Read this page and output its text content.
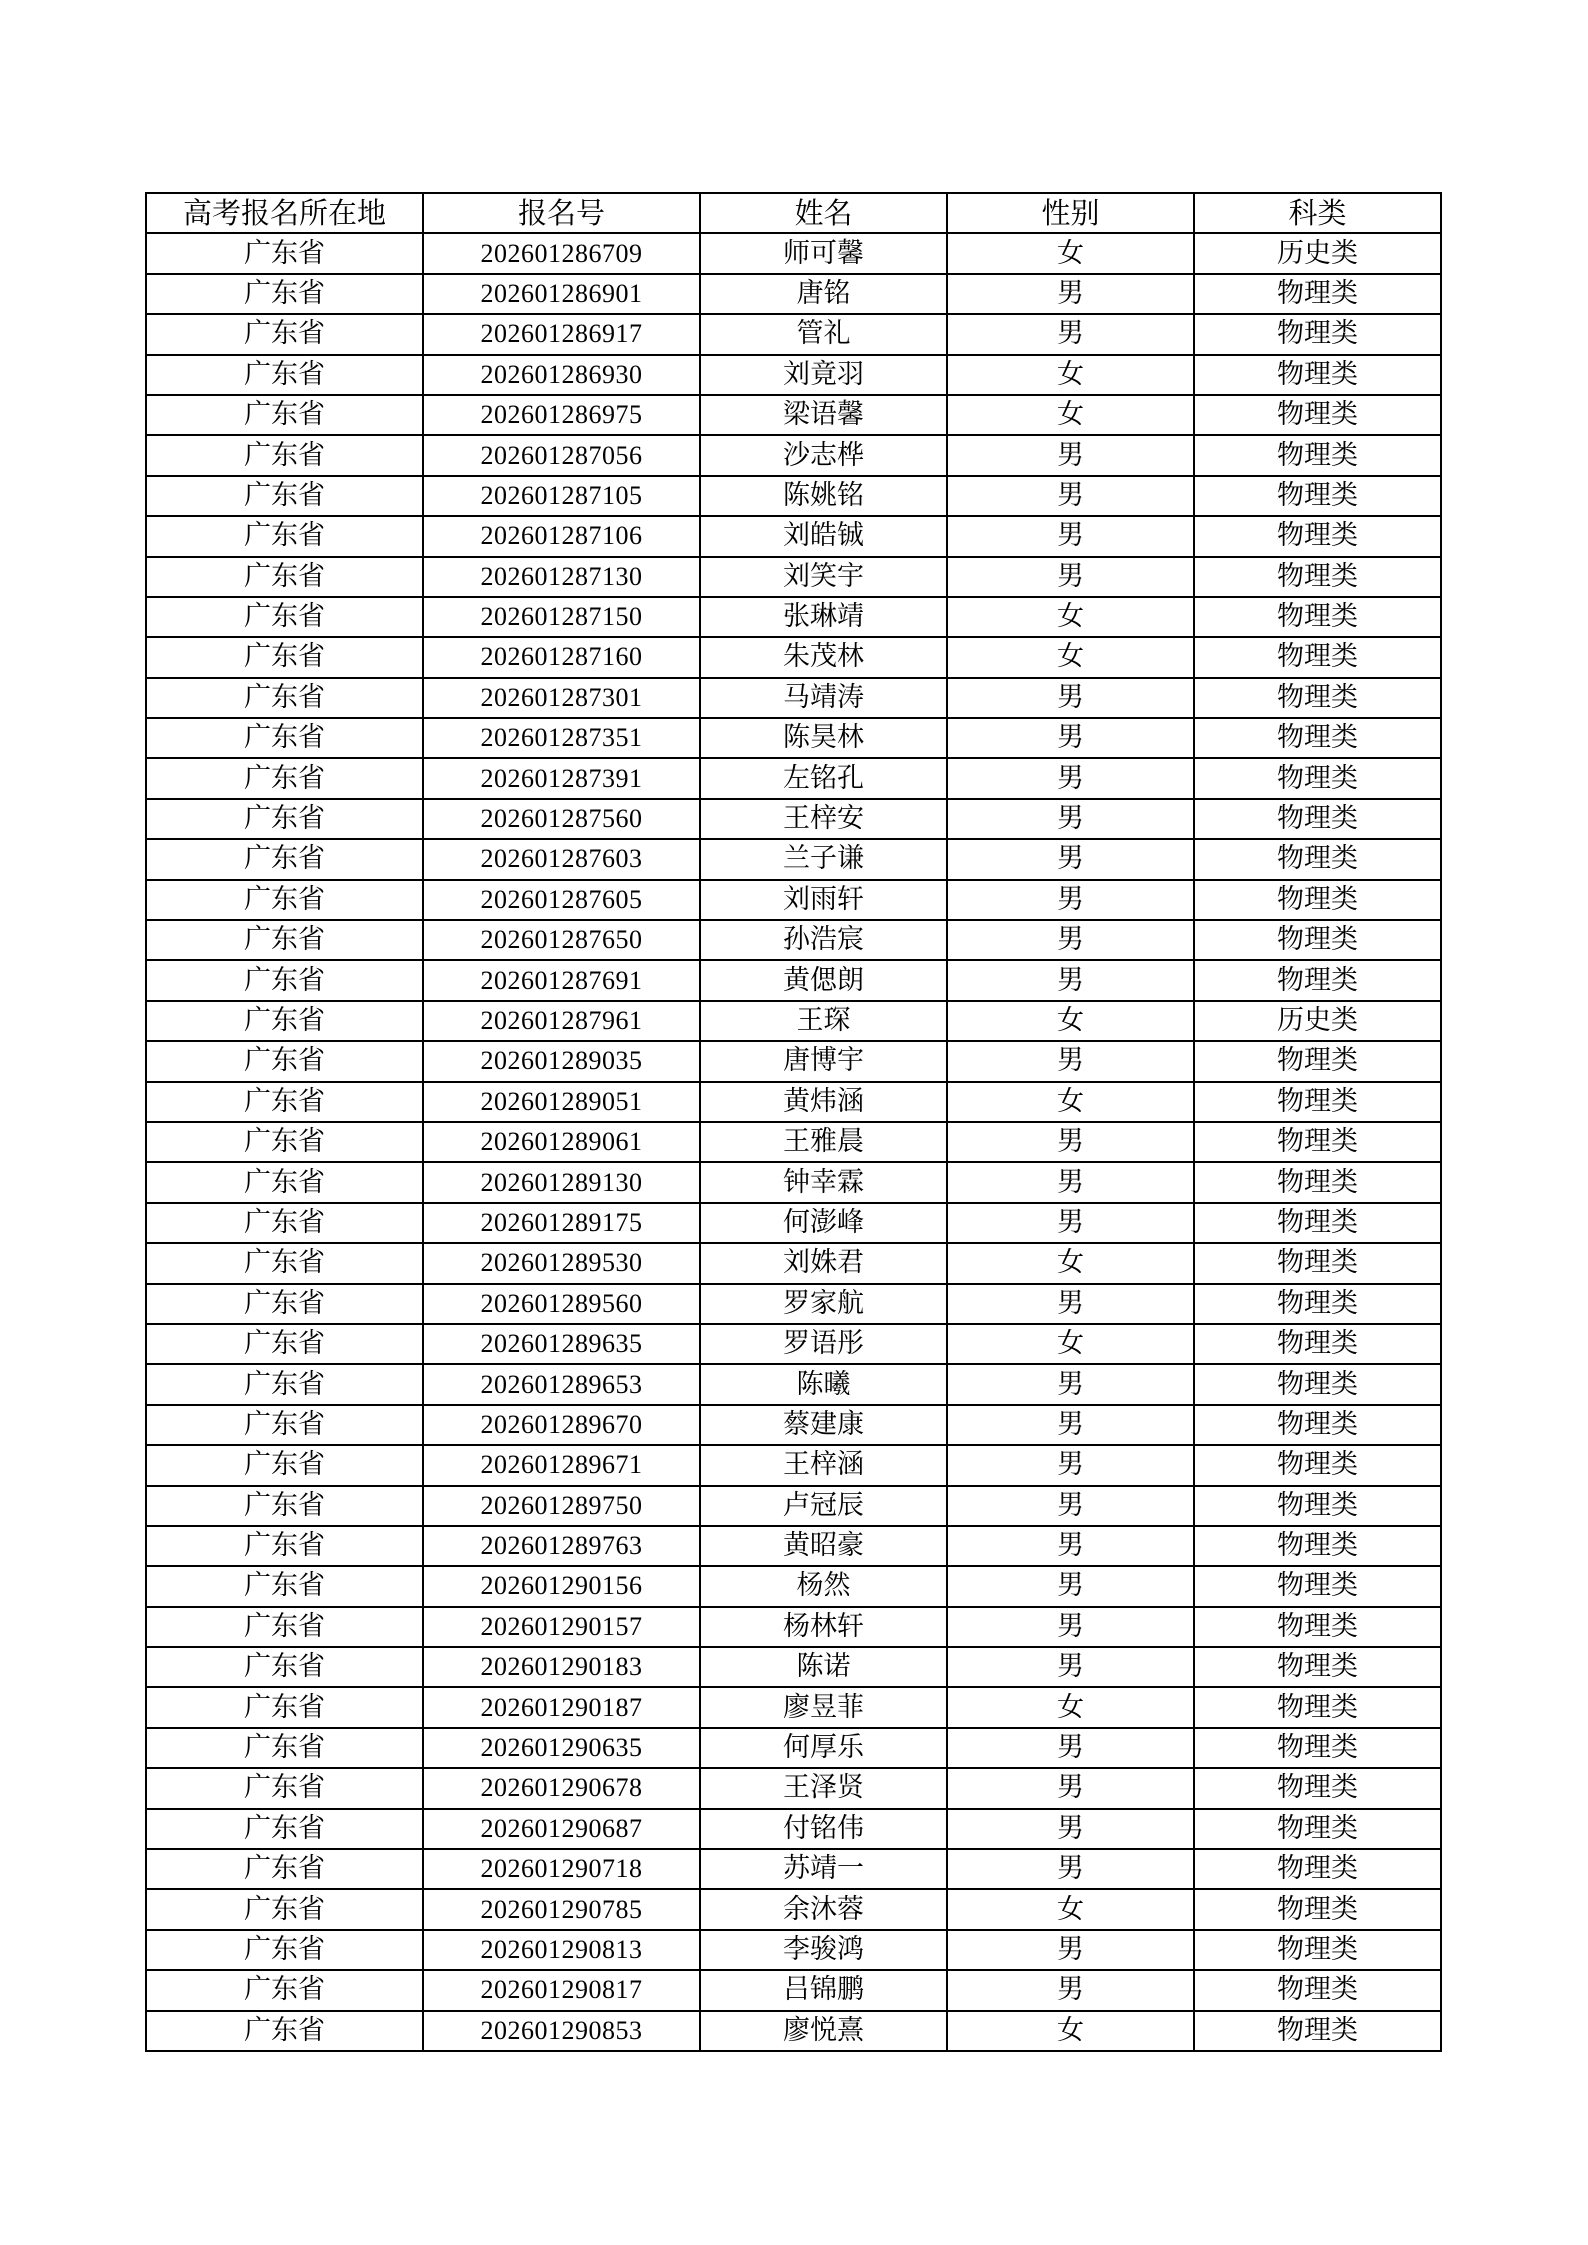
高考报名所在地	报名号	姓名	性别	科类
广东省	202601286709	师可馨	女	历史类
广东省	202601286901	唐铭	男	物理类
广东省	202601286917	管礼	男	物理类
广东省	202601286930	刘竟羽	女	物理类
广东省	202601286975	梁语馨	女	物理类
广东省	202601287056	沙志桦	男	物理类
广东省	202601287105	陈姚铭	男	物理类
广东省	202601287106	刘皓铖	男	物理类
广东省	202601287130	刘笑宇	男	物理类
广东省	202601287150	张琳靖	女	物理类
广东省	202601287160	朱茂林	女	物理类
广东省	202601287301	马靖涛	男	物理类
广东省	202601287351	陈昊林	男	物理类
广东省	202601287391	左铭孔	男	物理类
广东省	202601287560	王梓安	男	物理类
广东省	202601287603	兰子谦	男	物理类
广东省	202601287605	刘雨轩	男	物理类
广东省	202601287650	孙浩宸	男	物理类
广东省	202601287691	黄偲朗	男	物理类
广东省	202601287961	王琛	女	历史类
广东省	202601289035	唐博宇	男	物理类
广东省	202601289051	黄炜涵	女	物理类
广东省	202601289061	王雅晨	男	物理类
广东省	202601289130	钟幸霖	男	物理类
广东省	202601289175	何澎峰	男	物理类
广东省	202601289530	刘姝君	女	物理类
广东省	202601289560	罗家航	男	物理类
广东省	202601289635	罗语彤	女	物理类
广东省	202601289653	陈曦	男	物理类
广东省	202601289670	蔡建康	男	物理类
广东省	202601289671	王梓涵	男	物理类
广东省	202601289750	卢冠辰	男	物理类
广东省	202601289763	黄昭豪	男	物理类
广东省	202601290156	杨然	男	物理类
广东省	202601290157	杨林轩	男	物理类
广东省	202601290183	陈诺	男	物理类
广东省	202601290187	廖昱菲	女	物理类
广东省	202601290635	何厚乐	男	物理类
广东省	202601290678	王泽贤	男	物理类
广东省	202601290687	付铭伟	男	物理类
广东省	202601290718	苏靖一	男	物理类
广东省	202601290785	余沐蓉	女	物理类
广东省	202601290813	李骏鸿	男	物理类
广东省	202601290817	吕锦鹏	男	物理类
广东省	202601290853	廖悦熹	女	物理类
